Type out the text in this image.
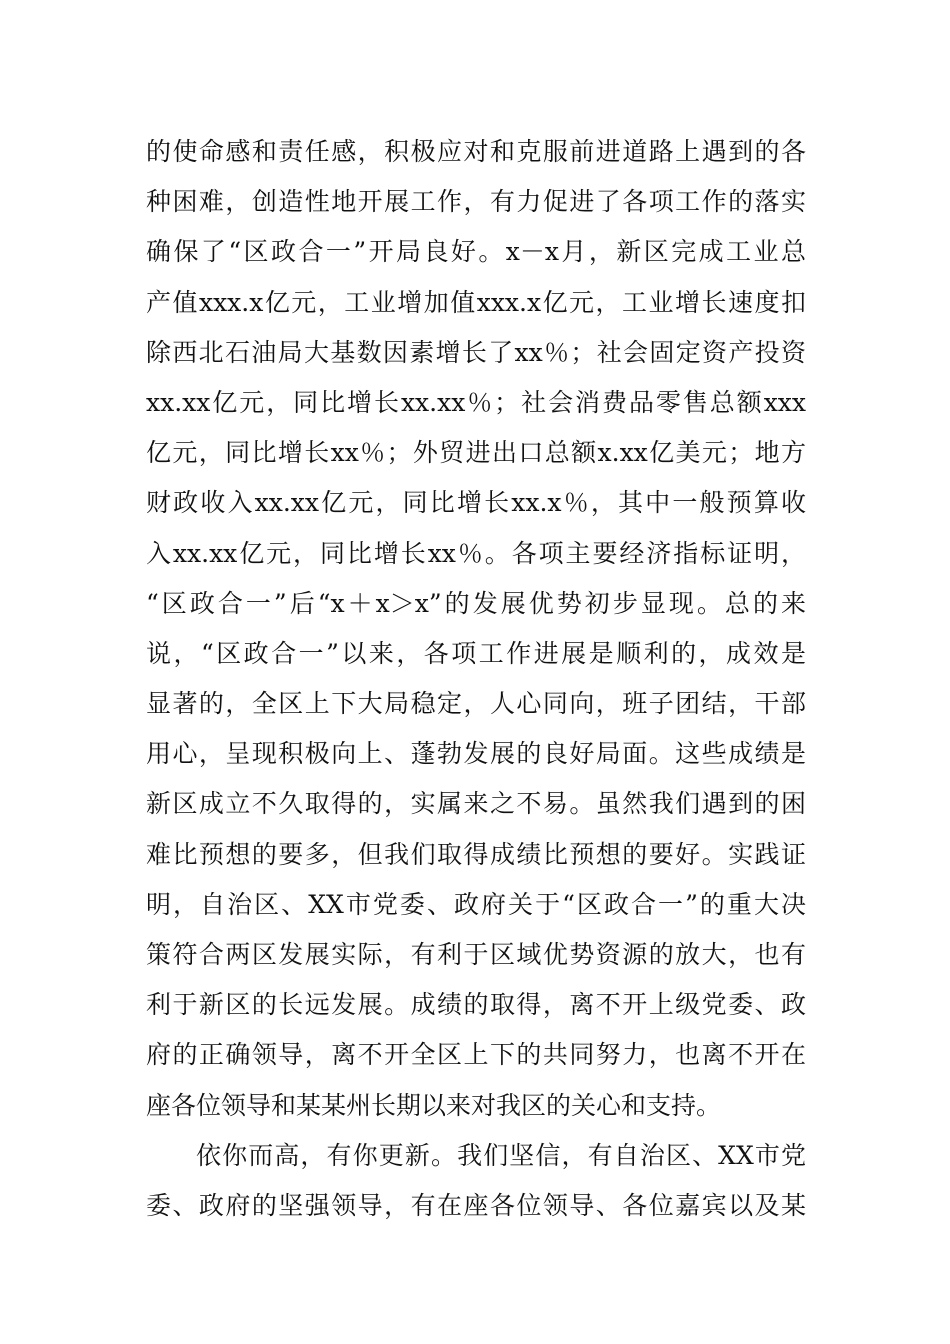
的使命感和责任感，积极应对和克服前进道路上遇到的各
种困难，创造性地开展工作，有力促进了各项工作的落实
确保了“区政合一”开局良好。x－x月，新区完成工业总
产值xxx.x亿元，工业增加值xxx.x亿元，工业增长速度扣
除西北石油局大基数因素增长了xx％；社会固定资产投资
xx.xx亿元，同比增长xx.xx％；社会消费品零售总额xxx
亿元，同比增长xx％；外贸进出口总额x.xx亿美元；地方
财政收入xx.xx亿元，同比增长xx.x％，其中一般预算收
入xx.xx亿元，同比增长xx％。各项主要经济指标证明，
“区政合一”后“x＋x＞x”的发展优势初步显现。总的来
说，“区政合一”以来，各项工作进展是顺利的，成效是
显著的，全区上下大局稳定，人心同向，班子团结，干部
用心，呈现积极向上、蓬勃发展的良好局面。这些成绩是
新区成立不久取得的，实属来之不易。虽然我们遇到的困
难比预想的要多，但我们取得成绩比预想的要好。实践证
明，自治区、XX市党委、政府关于“区政合一”的重大决
策符合两区发展实际，有利于区域优势资源的放大，也有
利于新区的长远发展。成绩的取得，离不开上级党委、政
府的正确领导，离不开全区上下的共同努力，也离不开在
座各位领导和某某州长期以来对我区的关心和支持。
依你而高，有你更新。我们坚信，有自治区、XX市党
委、政府的坚强领导，有在座各位领导、各位嘉宾以及某
